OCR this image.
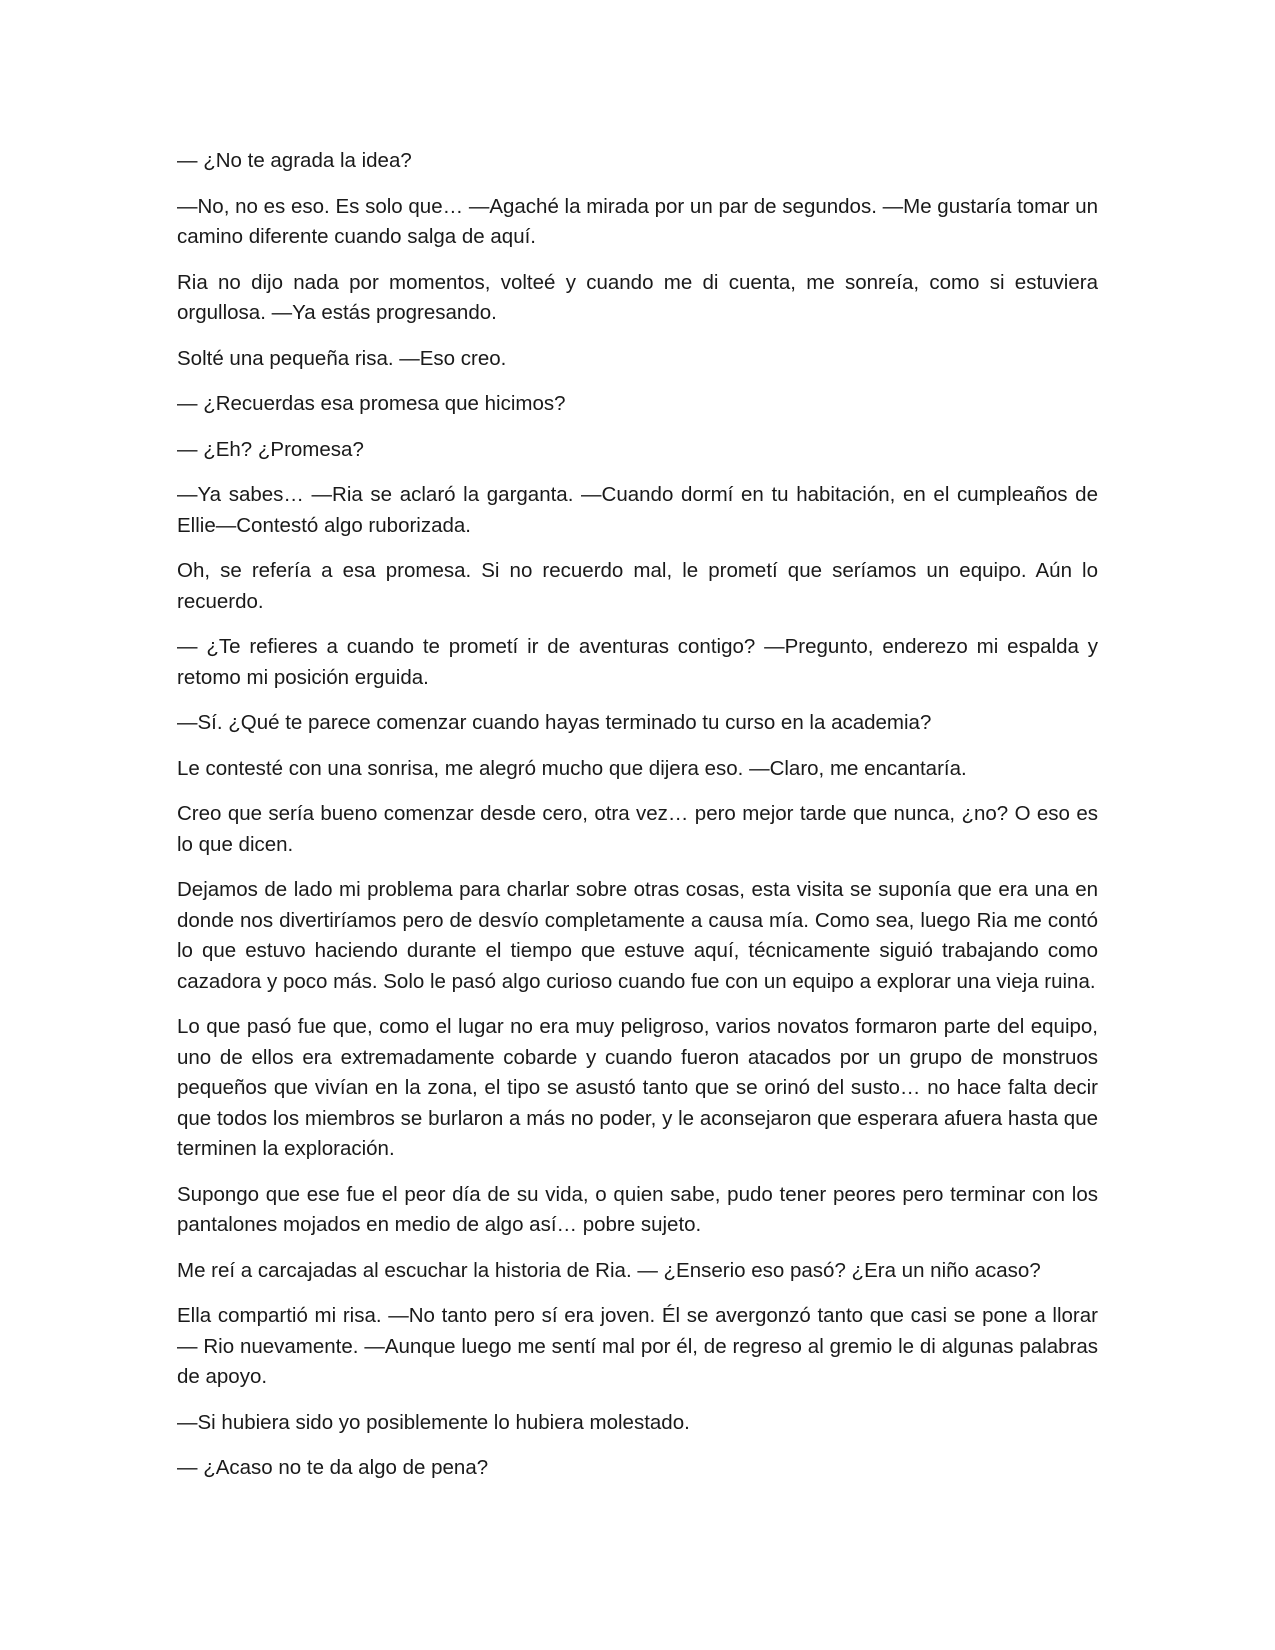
— ¿No te agrada la idea?

—No, no es eso. Es solo que… —Agaché la mirada por un par de segundos. —Me gustaría tomar un camino diferente cuando salga de aquí.

Ria no dijo nada por momentos, volteé y cuando me di cuenta, me sonreía, como si estuviera orgullosa. —Ya estás progresando.

Solté una pequeña risa. —Eso creo.

— ¿Recuerdas esa promesa que hicimos?

— ¿Eh? ¿Promesa?

—Ya sabes… —Ria se aclaró la garganta. —Cuando dormí en tu habitación, en el cumpleaños de Ellie—Contestó algo ruborizada.

Oh, se refería a esa promesa. Si no recuerdo mal, le prometí que seríamos un equipo. Aún lo recuerdo.

— ¿Te refieres a cuando te prometí ir de aventuras contigo? —Pregunto, enderezo mi espalda y retomo mi posición erguida.

—Sí. ¿Qué te parece comenzar cuando hayas terminado tu curso en la academia?

Le contesté con una sonrisa, me alegró mucho que dijera eso. —Claro, me encantaría.

Creo que sería bueno comenzar desde cero, otra vez… pero mejor tarde que nunca, ¿no? O eso es lo que dicen.

Dejamos de lado mi problema para charlar sobre otras cosas, esta visita se suponía que era una en donde nos divertiríamos pero de desvío completamente a causa mía. Como sea, luego Ria me contó lo que estuvo haciendo durante el tiempo que estuve aquí, técnicamente siguió trabajando como cazadora y poco más. Solo le pasó algo curioso cuando fue con un equipo a explorar una vieja ruina.

Lo que pasó fue que, como el lugar no era muy peligroso, varios novatos formaron parte del equipo, uno de ellos era extremadamente cobarde y cuando fueron atacados por un grupo de monstruos pequeños que vivían en la zona, el tipo se asustó tanto que se orinó del susto… no hace falta decir que todos los miembros se burlaron a más no poder, y le aconsejaron que esperara afuera hasta que terminen la exploración.

Supongo que ese fue el peor día de su vida, o quien sabe, pudo tener peores pero terminar con los pantalones mojados en medio de algo así… pobre sujeto.

Me reí a carcajadas al escuchar la historia de Ria. — ¿Enserio eso pasó? ¿Era un niño acaso?

Ella compartió mi risa. —No tanto pero sí era joven. Él se avergonzó tanto que casi se pone a llorar— Rio nuevamente. —Aunque luego me sentí mal por él, de regreso al gremio le di algunas palabras de apoyo.

—Si hubiera sido yo posiblemente lo hubiera molestado.

— ¿Acaso no te da algo de pena?
